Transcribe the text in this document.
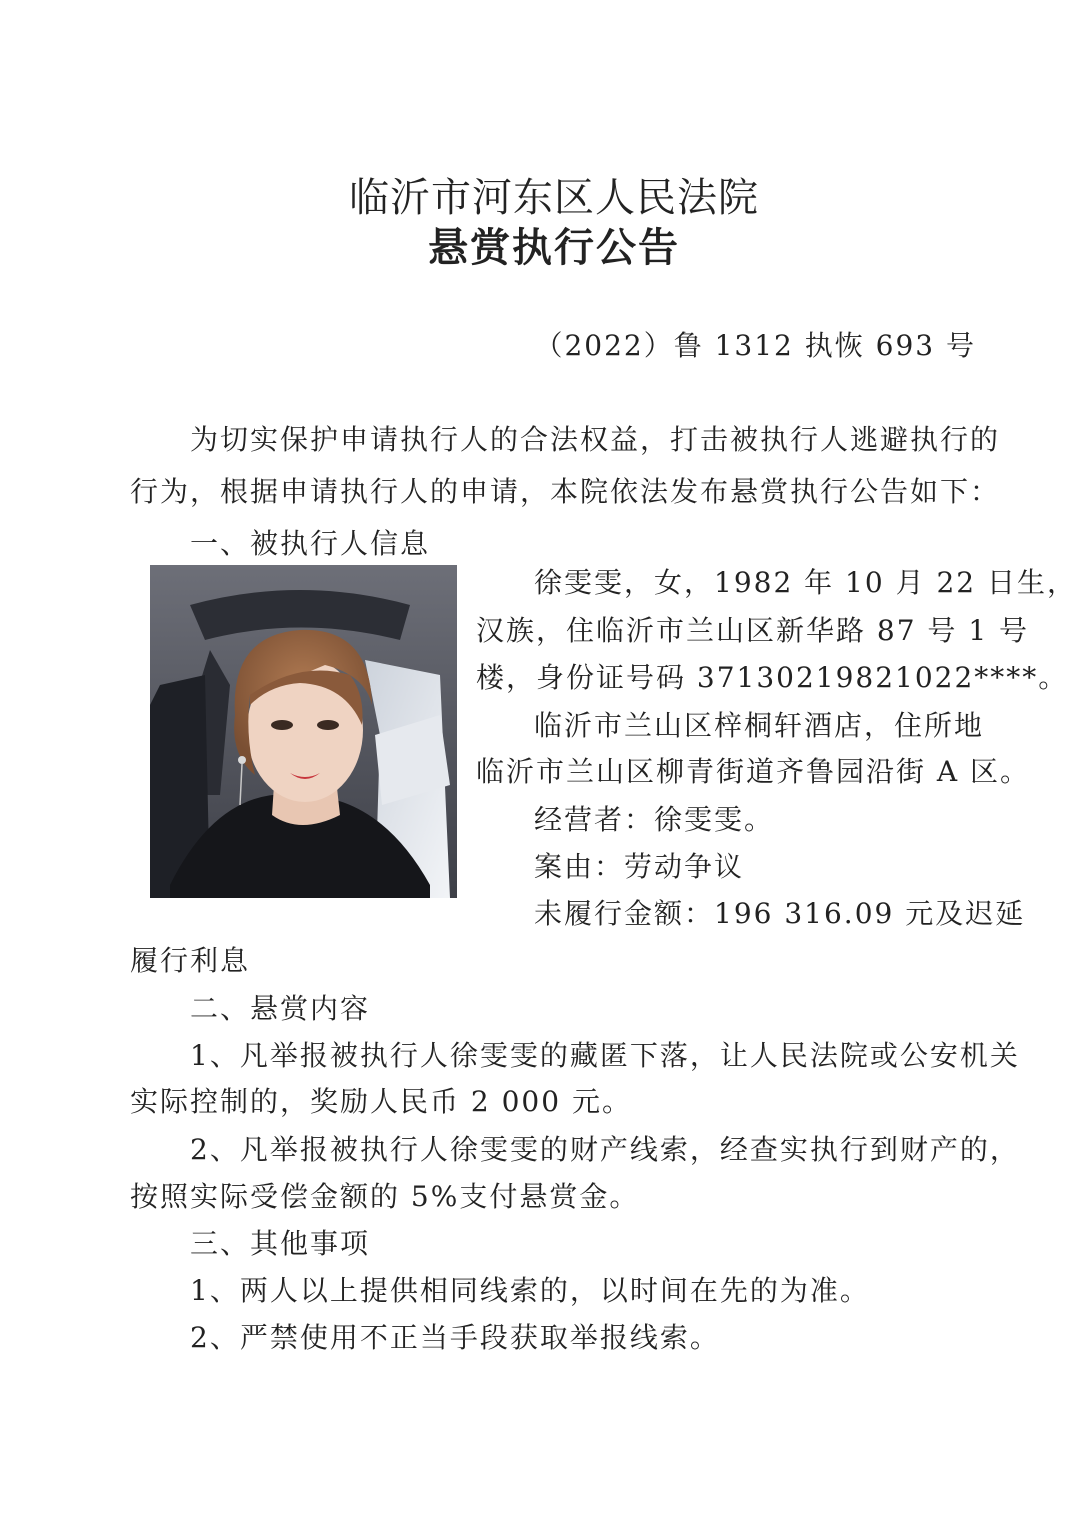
临沂市河东区人民法院
悬赏执行公告
（2022）鲁 1312 执恢 693 号
为切实保护申请执行人的合法权益，打击被执行人逃避执行的
行为，根据申请执行人的申请，本院依法发布悬赏执行公告如下：
一、被执行人信息
徐雯雯，女，1982 年 10 月 22 日生，
汉族，住临沂市兰山区新华路 87 号 1 号
楼，身份证号码 37130219821022****。
临沂市兰山区梓桐轩酒店，住所地
临沂市兰山区柳青街道齐鲁园沿街 A 区。
经营者：徐雯雯。
案由：劳动争议
未履行金额：196 316.09 元及迟延
履行利息
二、悬赏内容
1、凡举报被执行人徐雯雯的藏匿下落，让人民法院或公安机关
实际控制的，奖励人民币 2 000 元。
2、凡举报被执行人徐雯雯的财产线索，经查实执行到财产的，
按照实际受偿金额的 5%支付悬赏金。
三、其他事项
1、两人以上提供相同线索的，以时间在先的为准。
2、严禁使用不正当手段获取举报线索。
